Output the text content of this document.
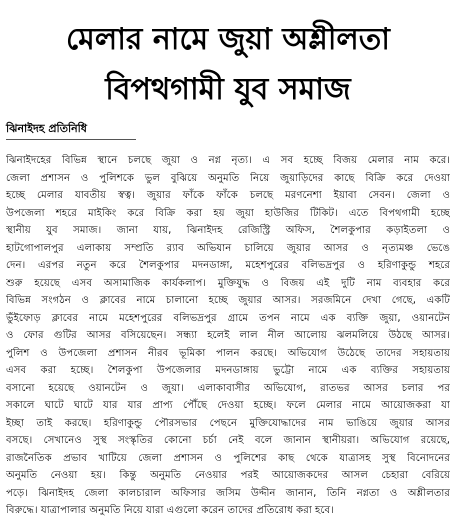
মেলার নামে জুয়া অশ্লীলতা
বিপথগামী যুব সমাজ
ঝিনাইদহ প্রতিনিধি
ঝিনাইদহের বিভিন্ন স্থানে চলছে জুয়া ও নগ্ন নৃত্য। এ সব হচ্ছে বিজয় মেলার নাম করে।
জেলা প্রশাসন ও পুলিশকে ভুল বুঝিয়ে অনুমতি নিয়ে জুয়াড়িদের কাছে বিক্রি করে দেওয়া
হচ্ছে মেলার যাবতীয় স্বত্ব। জুয়ার ফাঁকে ফাঁকে চলছে মরণনেশা ইয়াবা সেবন। জেলা ও
উপজেলা শহরে মাইকিং করে বিক্রি করা হয় জুয়া হাউজির টিকিট। এতে বিপথগামী হচ্ছে
স্থানীয় যুব সমাজ। জানা যায়, ঝিনাইদহ রেজিস্ট্রি অফিস, শৈলকুপার কড়াইতলা ও
হাটগোপালপুর এলাকায় সম্প্রতি র‍্যাব অভিযান চালিয়ে জুয়ার আসর ও নৃত্যমঞ্চ ভেঙে
দেন। এরপর নতুন করে শৈলকুপার মদনডাঙ্গা, মহেশপুরের বলিভদ্রপুর ও হরিণাকুন্ডু শহরে
শুরু হয়েছে এসব অসামাজিক কার্যকলাপ। মুক্তিযুদ্ধ ও বিজয় এই দুটি নাম ব্যবহার করে
বিভিন্ন সংগঠন ও ক্লাবের নামে চালানো হচ্ছে জুয়ার আসর। সরজমিনে দেখা গেছে, একটি
ভুঁইফোড় ক্লাবের নামে মহেশপুরের বলিভদ্রপুর গ্রামে তপন নামে এক ব্যক্তি জুয়া, ওয়ানটেন
ও ফোর গুটির আসর বসিয়েছেন। সন্ধ্যা হলেই লাল নীল আলোয় ঝলমলিয়ে উঠছে আসর।
পুলিশ ও উপজেলা প্রশাসন নীরব ভূমিকা পালন করছে। অভিযোগ উঠেছে তাদের সহায়তায়
এসব করা হচ্ছে। শৈলকুপা উপজেলার মদনডাঙ্গায় ভুট্টো নামে এক ব্যক্তির সহায়তায়
বসানো হয়েছে ওয়ানটেন ও জুয়া। এলাকাবাসীর অভিযোগ, রাতভর আসর চলার পর
সকালে ঘাটে ঘাটে যার যার প্রাপ্য পৌঁছে দেওয়া হচ্ছে। ফলে মেলার নামে আয়োজকরা যা
ইচ্ছা তাই করছে। হরিণাকুন্ডু পৌরসভার পেছনে মুক্তিযোদ্ধাদের নাম ভাঙিয়ে জুয়ার আসর
বসছে। সেখানেও সুস্থ সংস্কৃতির কোনো চর্চা নেই বলে জানান স্থানীয়রা। অভিযোগ রয়েছে,
রাজনৈতিক প্রভাব খাটিয়ে জেলা প্রশাসন ও পুলিশের কাছ থেকে যাত্রাসহ সুস্থ বিনোদনের
অনুমতি নেওয়া হয়। কিন্তু অনুমতি নেওয়ার পরই আয়োজকদের আসল চেহারা বেরিয়ে
পড়ে। ঝিনাইদহ জেলা কালচারাল অফিসার জসিম উদ্দীন জানান, তিনি নগ্নতা ও অশ্লীলতার
বিরুদ্ধে। যাত্রাপালার অনুমতি নিয়ে যারা এগুলো করেন তাদের প্রতিরোধ করা হবে।
